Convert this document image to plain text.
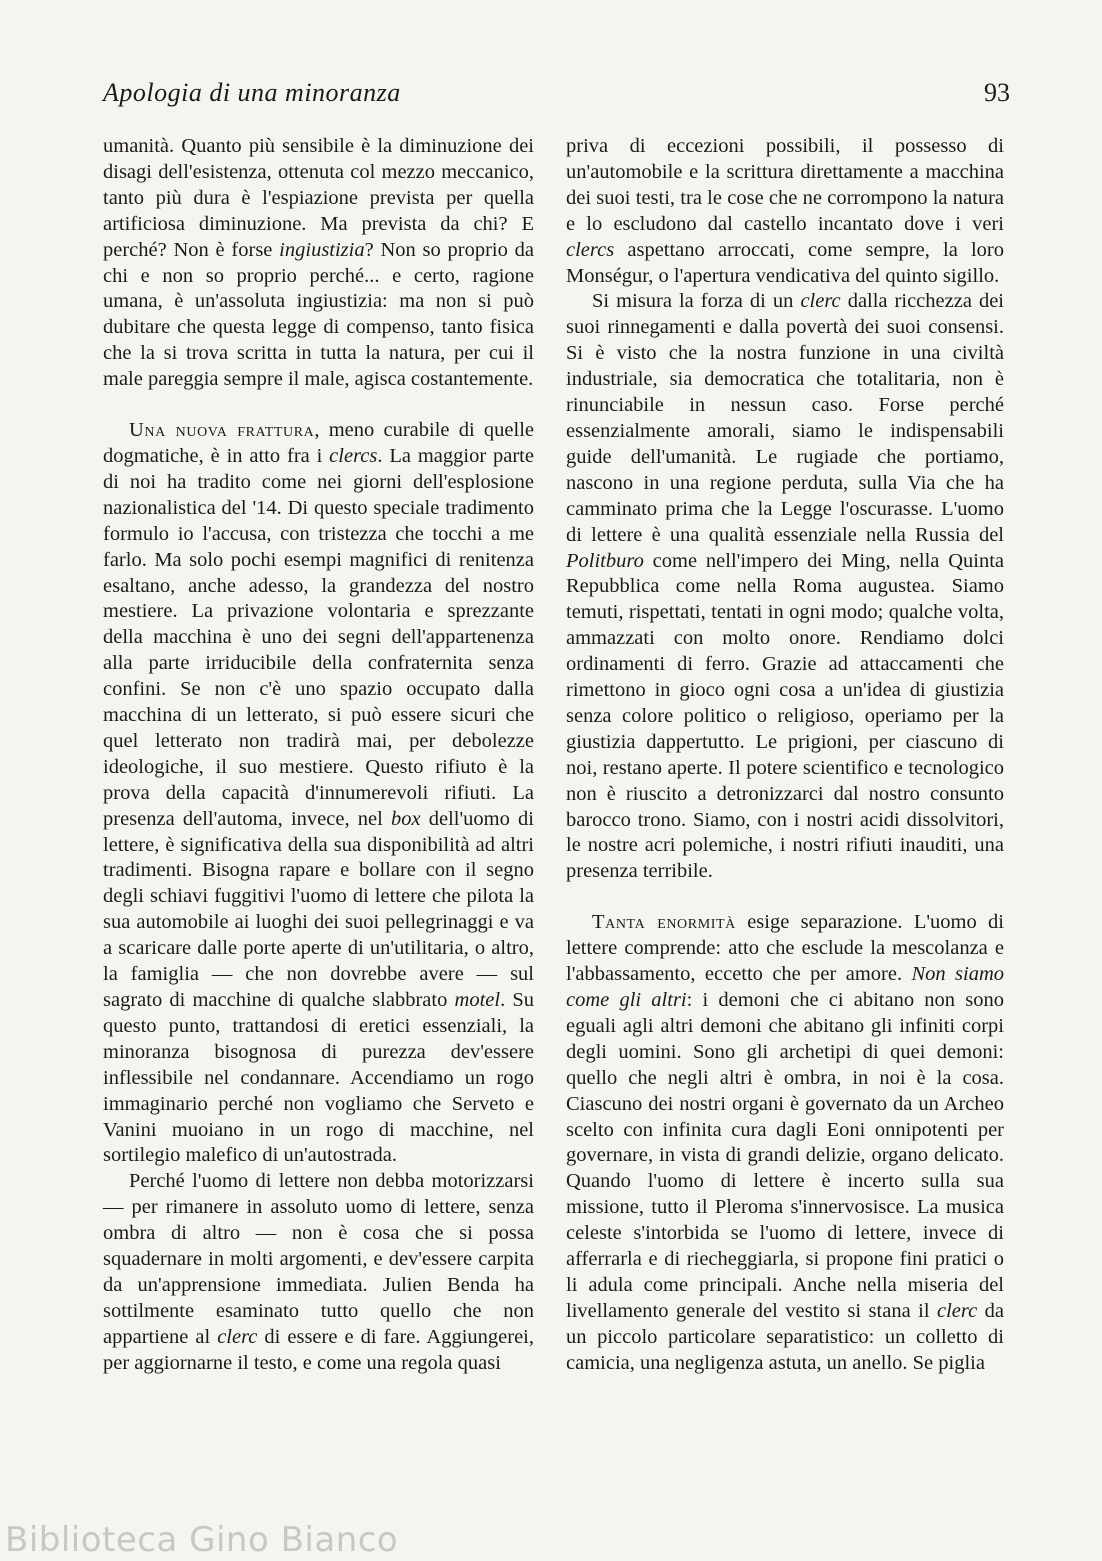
Apologia di una minoranza	93

umanità. Quanto più sensibile è la diminuzione dei disagi dell'esistenza, ottenuta col mezzo meccanico, tanto più dura è l'espiazione prevista per quella artificiosa diminuzione. Ma prevista da chi? E perché? Non è forse ingiustizia? Non so proprio da chi e non so proprio perché... e certo, ragione umana, è un'assoluta ingiustizia: ma non si può dubitare che questa legge di compenso, tanto fisica che la si trova scritta in tutta la natura, per cui il male pareggia sempre il male, agisca costantemente.

Una nuova frattura, meno curabile di quelle dogmatiche, è in atto fra i clercs. La maggior parte di noi ha tradito come nei giorni dell'esplosione nazionalistica del '14. Di questo speciale tradimento formulo io l'accusa, con tristezza che tocchi a me farlo. Ma solo pochi esempi magnifici di renitenza esaltano, anche adesso, la grandezza del nostro mestiere. La privazione volontaria e sprezzante della macchina è uno dei segni dell'appartenenza alla parte irriducibile della confraternita senza confini. Se non c'è uno spazio occupato dalla macchina di un letterato, si può essere sicuri che quel letterato non tradirà mai, per debolezze ideologiche, il suo mestiere. Questo rifiuto è la prova della capacità d'innumerevoli rifiuti. La presenza dell'automa, invece, nel box dell'uomo di lettere, è significativa della sua disponibilità ad altri tradimenti. Bisogna rapare e bollare con il segno degli schiavi fuggitivi l'uomo di lettere che pilota la sua automobile ai luoghi dei suoi pellegrinaggi e va a scaricare dalle porte aperte di un'utilitaria, o altro, la famiglia — che non dovrebbe avere — sul sagrato di macchine di qualche slabbrato motel. Su questo punto, trattandosi di eretici essenziali, la minoranza bisognosa di purezza dev'essere inflessibile nel condannare. Accendiamo un rogo immaginario perché non vogliamo che Serveto e Vanini muoiano in un rogo di macchine, nel sortilegio malefico di un'autostrada.

Perché l'uomo di lettere non debba motorizzarsi — per rimanere in assoluto uomo di lettere, senza ombra di altro — non è cosa che si possa squadernare in molti argomenti, e dev'essere carpita da un'apprensione immediata. Julien Benda ha sottilmente esaminato tutto quello che non appartiene al clerc di essere e di fare. Aggiungerei, per aggiornarne il testo, e come una regola quasi

priva di eccezioni possibili, il possesso di un'automobile e la scrittura direttamente a macchina dei suoi testi, tra le cose che ne corrompono la natura e lo escludono dal castello incantato dove i veri clercs aspettano arroccati, come sempre, la loro Monségur, o l'apertura vendicativa del quinto sigillo.

Si misura la forza di un clerc dalla ricchezza dei suoi rinnegamenti e dalla povertà dei suoi consensi. Si è visto che la nostra funzione in una civiltà industriale, sia democratica che totalitaria, non è rinunciabile in nessun caso. Forse perché essenzialmente amorali, siamo le indispensabili guide dell'umanità. Le rugiade che portiamo, nascono in una regione perduta, sulla Via che ha camminato prima che la Legge l'oscurasse. L'uomo di lettere è una qualità essenziale nella Russia del Politburo come nell'impero dei Ming, nella Quinta Repubblica come nella Roma augustea. Siamo temuti, rispettati, tentati in ogni modo; qualche volta, ammazzati con molto onore. Rendiamo dolci ordinamenti di ferro. Grazie ad attaccamenti che rimettono in gioco ogni cosa a un'idea di giustizia senza colore politico o religioso, operiamo per la giustizia dappertutto. Le prigioni, per ciascuno di noi, restano aperte. Il potere scientifico e tecnologico non è riuscito a detronizzarci dal nostro consunto barocco trono. Siamo, con i nostri acidi dissolvitori, le nostre acri polemiche, i nostri rifiuti inauditi, una presenza terribile.

Tanta enormità esige separazione. L'uomo di lettere comprende: atto che esclude la mescolanza e l'abbassamento, eccetto che per amore. Non siamo come gli altri: i demoni che ci abitano non sono eguali agli altri demoni che abitano gli infiniti corpi degli uomini. Sono gli archetipi di quei demoni: quello che negli altri è ombra, in noi è la cosa. Ciascuno dei nostri organi è governato da un Archeo scelto con infinita cura dagli Eoni onnipotenti per governare, in vista di grandi delizie, organo delicato. Quando l'uomo di lettere è incerto sulla sua missione, tutto il Pleroma s'innervosisce. La musica celeste s'intorbida se l'uomo di lettere, invece di afferrarla e di riecheggiarla, si propone fini pratici o li adula come principali. Anche nella miseria del livellamento generale del vestito si stana il clerc da un piccolo particolare separatistico: un colletto di camicia, una negligenza astuta, un anello. Se piglia

Biblioteca Gino Bianco
